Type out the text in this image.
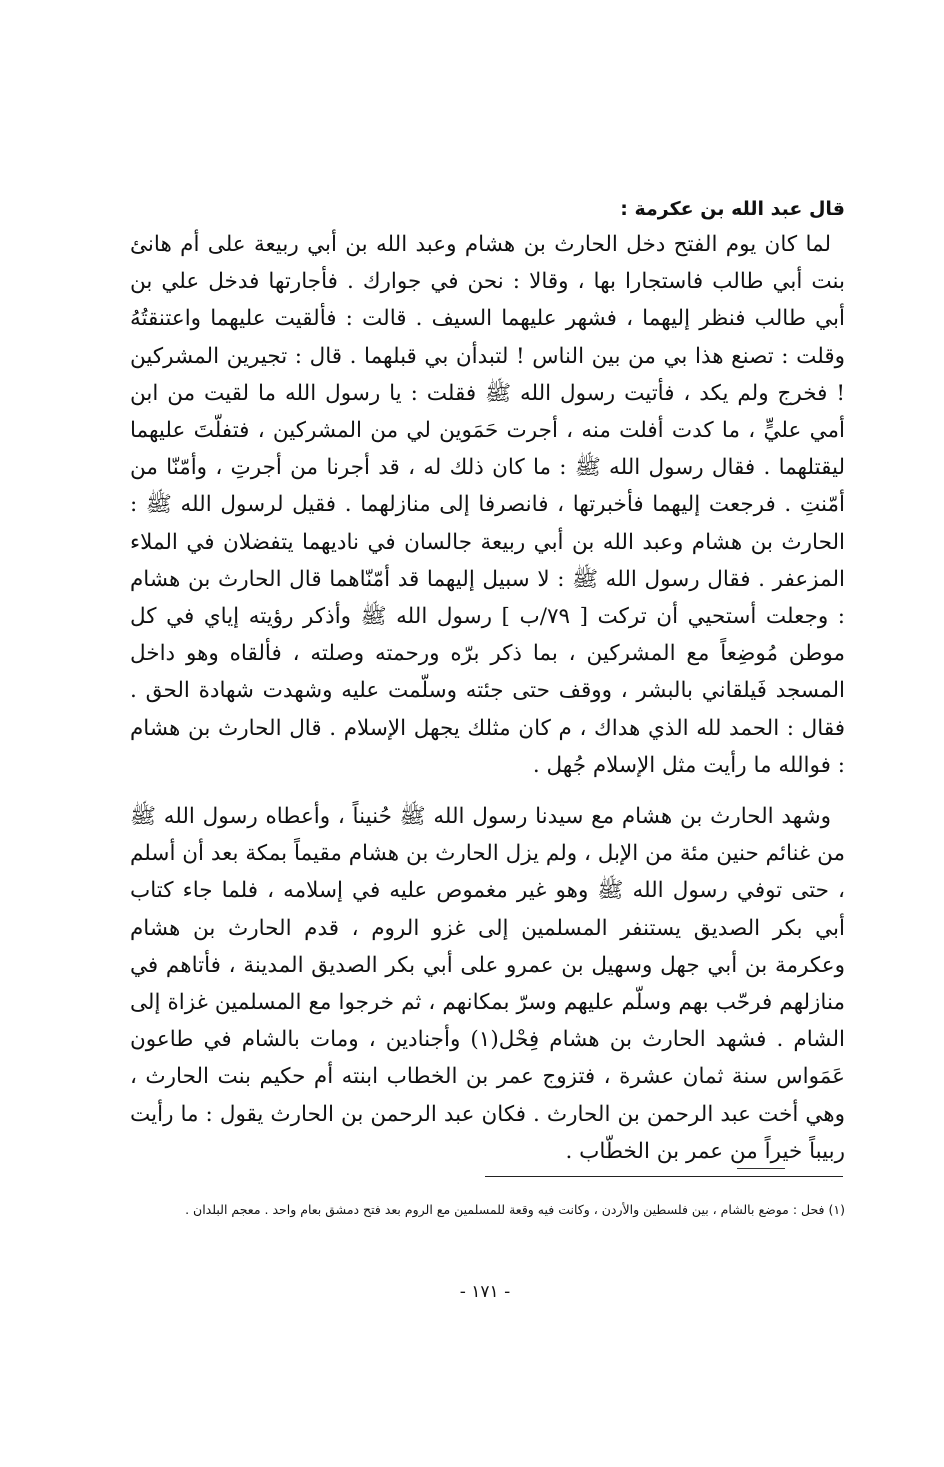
قال عبد الله بن عكرمة :

لما كان يوم الفتح دخل الحارث بن هشام وعبد الله بن أبي ربيعة على أم هانئ بنت أبي طالب فاستجارا بها ، وقالا : نحن في جوارك . فأجارتها فدخل علي بن أبي طالب فنظر إليهما ، فشهر عليهما السيف . قالت : فألقيت عليهما واعتنقتُهُ وقلت : تصنع هذا بي من بين الناس ! لتبدأن بي قبلهما . قال : تجيرين المشركين ! فخرج ولم يكد ، فأتيت رسول الله ﷺ فقلت : يا رسول الله ما لقيت من ابن أمي عليٍّ ، ما كدت أفلت منه ، أجرت حَمَوين لي من المشركين ، فتفلّتَ عليهما ليقتلهما . فقال رسول الله ﷺ : ما كان ذلك له ، قد أجرنا من أجرتِ ، وأمّنّا من أمّنتِ . فرجعت إليهما فأخبرتها ، فانصرفا إلى منازلهما . فقيل لرسول الله ﷺ : الحارث بن هشام وعبد الله بن أبي ربيعة جالسان في ناديهما يتفضلان في الملاء المزعفر . فقال رسول الله ﷺ : لا سبيل إليهما قد أمّنّاهما قال الحارث بن هشام : وجعلت أستحيي أن تركت [ ٧٩/ب ] رسول الله ﷺ وأذكر رؤيته إياي في كل موطن مُوضِعاً مع المشركين ، بما ذكر برّه ورحمته وصلته ، فألقاه وهو داخل المسجد فَيلقاني بالبشر ، ووقف حتى جئته وسلّمت عليه وشهدت شهادة الحق . فقال : الحمد لله الذي هداك ، م كان مثلك يجهل الإسلام . قال الحارث بن هشام : فوالله ما رأيت مثل الإسلام جُهل .

وشهد الحارث بن هشام مع سيدنا رسول الله ﷺ حُنيناً ، وأعطاه رسول الله ﷺ من غنائم حنين مئة من الإبل ، ولم يزل الحارث بن هشام مقيماً بمكة بعد أن أسلم ، حتى توفي رسول الله ﷺ وهو غير مغموص عليه في إسلامه ، فلما جاء كتاب أبي بكر الصديق يستنفر المسلمين إلى غزو الروم ، قدم الحارث بن هشام وعكرمة بن أبي جهل وسهيل بن عمرو على أبي بكر الصديق المدينة ، فأتاهم في منازلهم فرحّب بهم وسلّم عليهم وسرّ بمكانهم ، ثم خرجوا مع المسلمين غزاة إلى الشام . فشهد الحارث بن هشام فِحْل(١) وأجنادين ، ومات بالشام في طاعون عَمَواس سنة ثمان عشرة ، فتزوج عمر بن الخطاب ابنته أم حكيم بنت الحارث ، وهي أخت عبد الرحمن بن الحارث . فكان عبد الرحمن بن الحارث يقول : ما رأيت ربيباً خيراً من عمر بن الخطّاب .

(١) فحل : موضع بالشام ، بين فلسطين والأردن ، وكانت فيه وقعة للمسلمين مع الروم بعد فتح دمشق بعام واحد . معجم البلدان .

- ١٧١ -
